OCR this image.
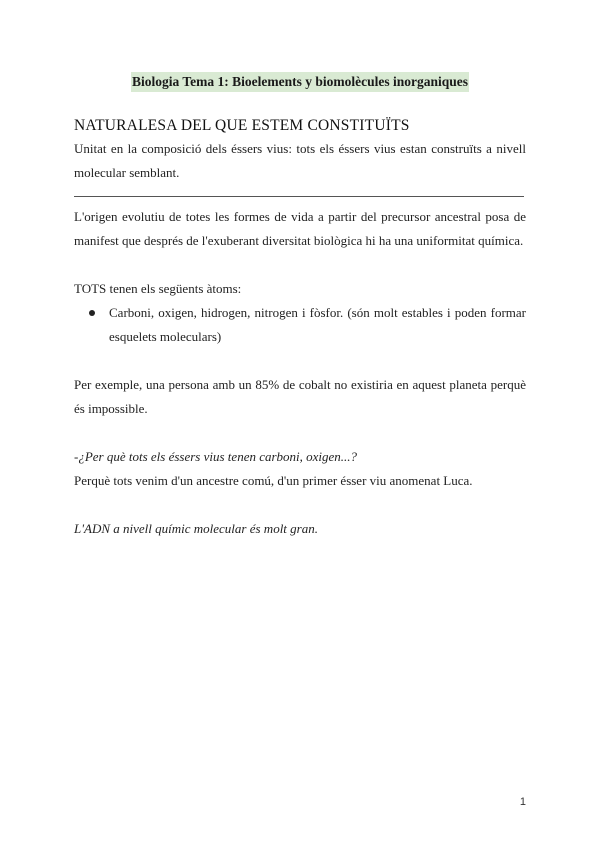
Biologia Tema 1: Bioelements y biomolècules inorganiques
NATURALESA DEL QUE ESTEM CONSTITUÏTS

Unitat en la composició dels éssers vius: tots els éssers vius estan construïts a nivell molecular semblant.

L'origen evolutiu de totes les formes de vida a partir del precursor ancestral posa de manifest que després de l'exuberant diversitat biològica hi ha una uniformitat química.

TOTS tenen els següents àtoms:

Carboni, oxigen, hidrogen, nitrogen i fòsfor. (són molt estables i poden formar esquelets moleculars)

Per exemple, una persona amb un 85% de cobalt no existiria en aquest planeta perquè és impossible.

-¿Per què tots els éssers vius tenen carboni, oxigen...?

Perquè tots venim d'un ancestre comú, d'un primer ésser viu anomenat Luca.

L'ADN a nivell químic molecular és molt gran.

1
